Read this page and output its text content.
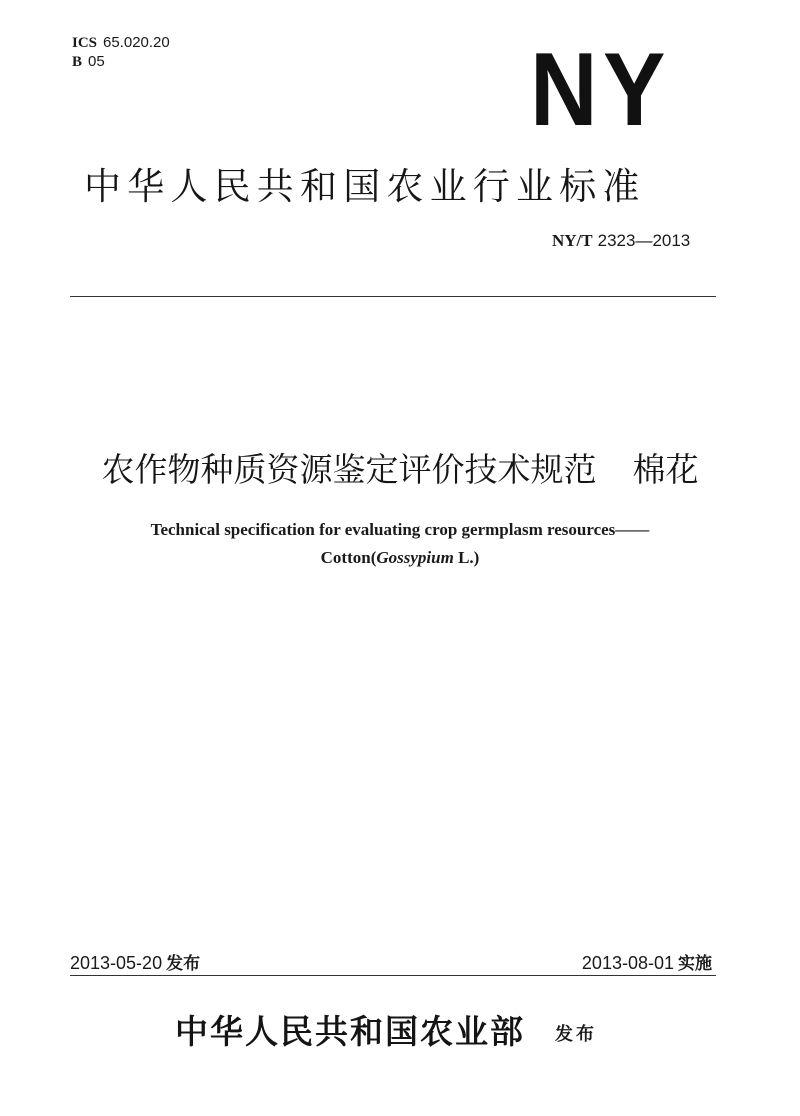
ICS 65.020.20
B 05	NY
中华人民共和国农业行业标准
NY/T 2323—2013
农作物种质资源鉴定评价技术规范 棉花
Technical specification for evaluating crop germplasm resources——
Cotton(Gossypium L.)
2013-05-20 发布	2013-08-01 实施
中华人民共和国农业部 发布
